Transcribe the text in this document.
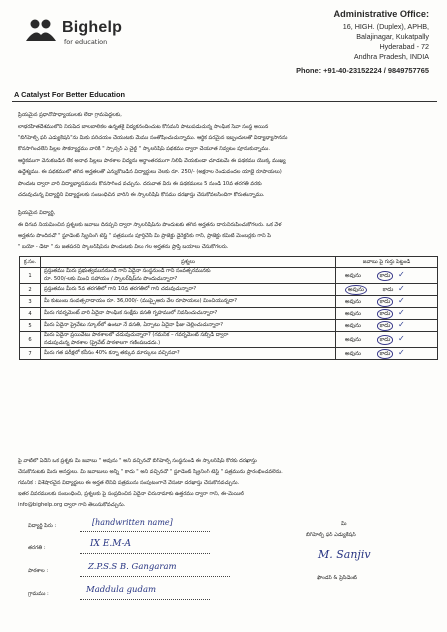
Bighelp
for education
A Catalyst For Better Education
Administrative Office:
16, HIGH. (Duplex), APHB,
Balajinagar, Kukatpally
Hyderabad - 72
Andhra Pradesh, INDIA
Phone: +91-40-23152224 / 9849757765
ప్రియమైన ప్రధానోపాధ్యాయులకు లేదా గ్రామపెద్దలకు,
లాభరహితదేశములోని నిరుపేద బాలబాలికల ఉన్నతకై విద్యకనందించుట కోసమని పాటుపడుచున్న సాంఘిక సేవా సంస్థ అయిన
"బిగ్‌హెల్ప్ ఫర్ ఎడ్యుకేషన్"ను మీకు పరిచయం చేయుటకు మేము సంతోషించుచున్నాము. ఆర్థిక పరమైన ఇబ్బందులతో విద్యాభ్యాసానను
కొనసాగించలేని పిల్లల సౌకర్యార్థము వారికి " స్పాన్సర్ ఎ చైల్డ్ " స్కాలర్‌షిప్ పథకము ద్వారా చేయూత నివ్వటం పూనుకున్నాము.
ఆర్థికముగా వెనుకబడిన లేక అనాథ పిల్లలు పాఠశాల విద్యను అర్థాంతరముగా నిలిపి వేయకుండా చూడటమే ఈ పథకము యొక్క ముఖ్య
ఉద్దేశ్యము. ఈ పథకములో తగిన అర్హతలతో ఎన్నుకొబడిన విద్యార్థులు నెలకు రూ. 250/- (అక్షరాల రెండువందల యాభై రూపాయలు)
పొందుట ద్వారా వారి విద్యాభ్యాసమును కొనసాగించ వచ్చును. దరువాత వీరు ఈ పథకములు 5 నుండి 10వ తరగతి వరకు
చదువుచున్న విద్యార్థిని విద్యార్థులకు సంబంధిచిన వారిని ఈ స్కాలర్‌షిప్ కోసము దరఖాస్తు చేసుకోవలసిందిగా కోరుతున్నాము.
ప్రియమైన విద్యార్థి,
ఈ దిగువ నియమించిన ప్రశ్నలకు జవాబు దినప్పని ద్వారా స్కాలర్‌షిప్‌ను పొందుటకు తగిన అర్హతను దారునిరుపించుకోగలరు. ఒక వేళ
అర్హతను పొందినచో " స్టూడెంట్ స్క్రీనింగ్ టెస్ట్ " పత్రమును పూర్తిచేసి మీ ప్రాజెక్టు డైరెక్టర్‌కు గానీ, ప్రాజెక్టు కమిటీ మెంబర్లకు గాని పే
" బయో - డేటా " ను జతపరచి స్కాలర్‌షిప్‌ను పొందుటకు వీలు గల అర్హతను ప్రాప్తి బయాలు చేసుకోగలరు.
క్ర.సం.	ప్రశ్నలు	జవాబు పై గుర్తు పెట్టండి
1	ప్రస్తుతము మీరు ప్రభుత్వముననుండి గాని ఏదైనా సంస్థనుండి గాని సంవత్సరమునకు
రూ. 500/-లకు మించి సహాయం / స్కాలర్‌షిప్‌ను పొందుచున్నారా?	అవును కాదు ✓
2	ప్రస్తుతము మీరు 5వ తరగతిలో గాని 10వ తరగతిలో గాని చదువుచున్నారా?	అవును కాదు ✓
3	మీ కుటుంబ సంవత్సరాదాయం రూ. 36,000/- (ముప్పైఆరు వేల రూపాయలు) మించియున్నదా?	అవును కాదు ✓
4	మీరు గవర్నమెంట్ వారి ఏదైనా సాంఘిక సంక్షేమ వసతి గృహములో నివసించుచున్నారా?	అవును కాదు ✓
5	మీరు ఏదైనా ప్రైవేటు స్కూల్‌లో ఉంటూ నే వసతి, ఏర్పాటు ఏదైనా ఫీజు చెల్లించుచున్నారా?	అవును కాదు ✓
6	మీరు ఏదైనా ప్రయివేటు పాఠశాలలో చదువుచున్నారా? (గమనిక – గవర్నమెంట్ సబ్సిడీ ద్వారా
నడుపుచున్న పాఠశాల (ప్రైవేట్ పాఠశాలగా గణింపబడదు.)	అవును కాదు ✓
7	మీరు గత పరీక్షలో కనీసం 40% కన్నా తక్కువ మార్కులు వచ్చినవా?	అవును కాదు ✓
పై వాటిలో ఏదేని ఒక ప్రశ్నకు మీ జవాబు " అవును " అని వచ్చినచో బిగ్‌హెల్ప్ సంస్థనుండి ఈ స్కాలర్‌షిప్ కొరకు దరఖాస్తు
చేసుకొనుటకు మీరు అనర్హులు. మీ జవాబులు అన్నీ " కాదు " అని వచ్చినచో " స్టూడెంట్ స్క్రీనింగ్ టెస్ట్ " పత్రమును ప్రారంభించవలెను.
గమనిక : విశేషారచైన విద్యార్థులు ఈ అర్హత లేనివి పత్రమును సంపుటంగానే వేసుటా దరఖాస్తు చేసుకొనవచ్చును.
ఇతర వివరములకు సంబంధించి, ప్రశ్నలకు పై సంప్రదించిన ఏదైనా చిరునామాకు ఉత్తరము ద్వారా గాని, ఈ-మెయిల్
info@bighelp.org ద్వారా గాని తెలుసుకోవచ్చును.
విద్యార్థి పేరు :	[handwritten name]
తరగతి :	IX E.M-A
పాఠశాల :	Z.P.S.S B. Gangaram
గ్రామము :	Maddula gudam
మీ
బిగ్‌హెల్ప్ ఫర్ ఎడ్యుకేషన్
M. Sanjiv
ఫౌండర్ & ప్రెసిడెంట్
